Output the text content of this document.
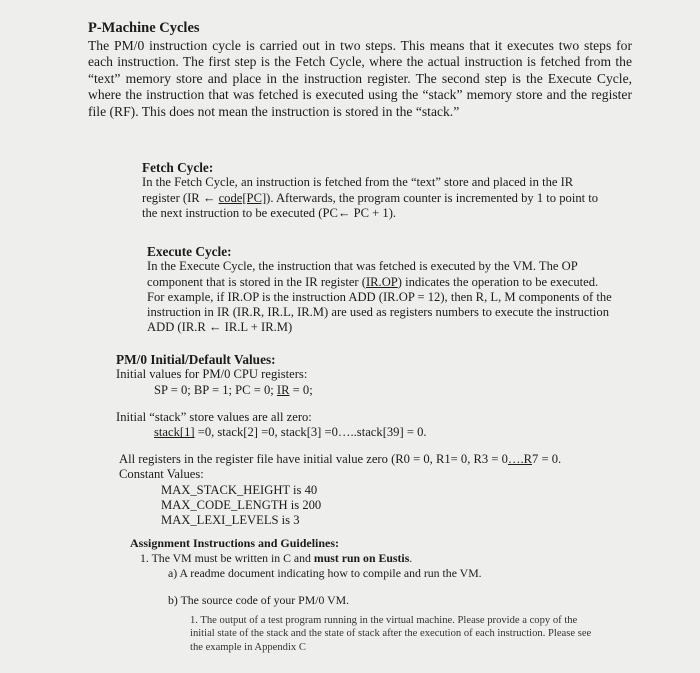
P-Machine Cycles
The PM/0 instruction cycle is carried out in two steps. This means that it executes two steps for each instruction. The first step is the Fetch Cycle, where the actual instruction is fetched from the “text” memory store and place in the instruction register. The second step is the Execute Cycle, where the instruction that was fetched is executed using the “stack” memory store and the register file (RF). This does not mean the instruction is stored in the “stack.”
Fetch Cycle:
In the Fetch Cycle, an instruction is fetched from the “text” store and placed in the IR register (IR ← code[PC]). Afterwards, the program counter is incremented by 1 to point to the next instruction to be executed (PC← PC + 1).
Execute Cycle:
In the Execute Cycle, the instruction that was fetched is executed by the VM. The OP component that is stored in the IR register (IR.OP) indicates the operation to be executed. For example, if IR.OP is the instruction ADD (IR.OP = 12), then R, L, M components of the instruction in IR (IR.R, IR.L, IR.M) are used as registers numbers to execute the instruction ADD (IR.R ← IR.L + IR.M)
PM/0 Initial/Default Values:
Initial values for PM/0 CPU registers:
SP = 0; BP = 1; PC = 0; IR = 0;
Initial “stack” store values are all zero:
stack[1] =0, stack[2] =0, stack[3] =0…..stack[39] = 0.
All registers in the register file have initial value zero (R0 = 0, R1= 0, R3 = 0….R7 = 0.
Constant Values:
MAX_STACK_HEIGHT is 40
MAX_CODE_LENGTH is 200
MAX_LEXI_LEVELS is 3
Assignment Instructions and Guidelines:
1. The VM must be written in C and must run on Eustis.
a) A readme document indicating how to compile and run the VM.
b) The source code of your PM/0 VM.
1. The output of a test program running in the virtual machine. Please provide a copy of the initial state of the stack and the state of stack after the execution of each instruction. Please see the example in Appendix C
